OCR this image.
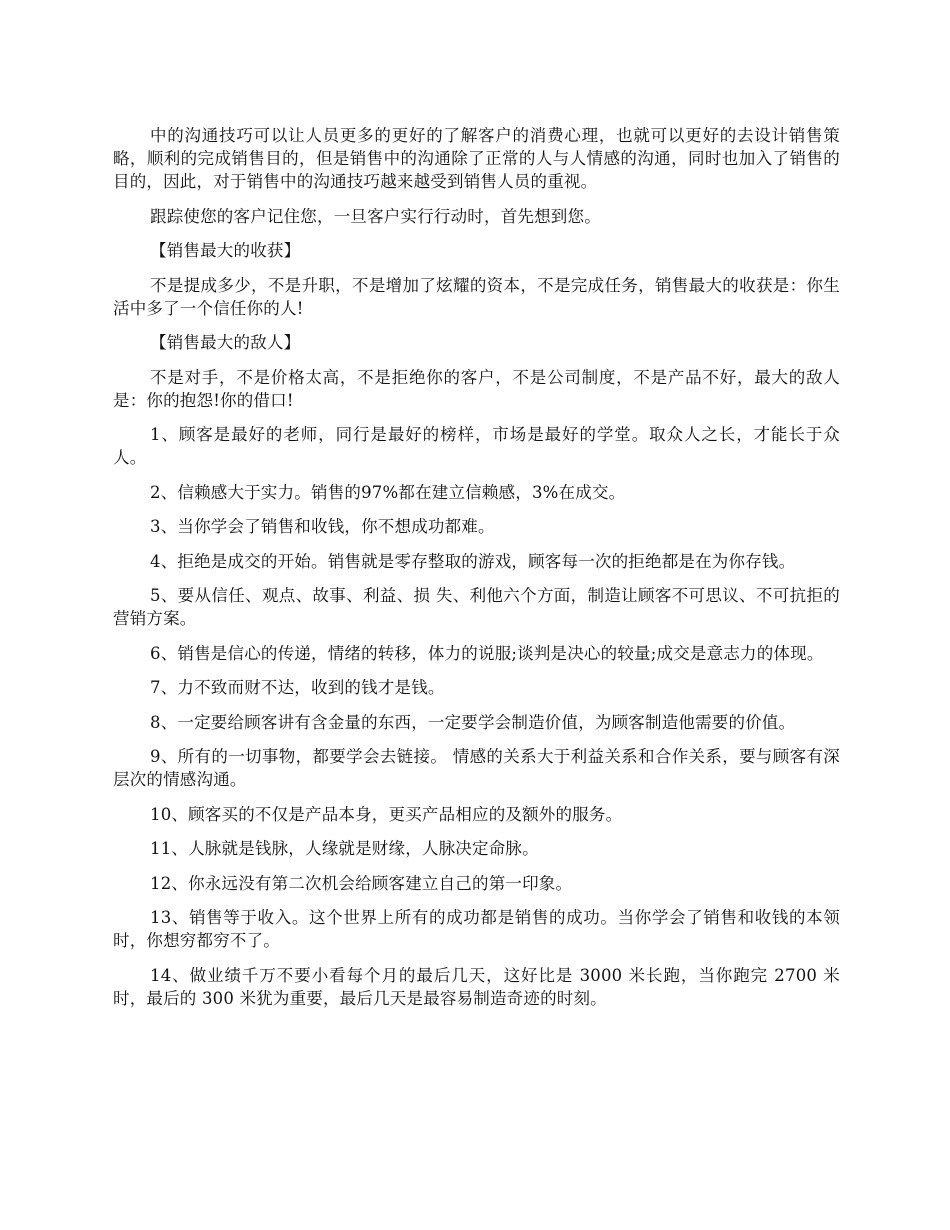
中的沟通技巧可以让人员更多的更好的了解客户的消费心理，也就可以更好的去设计销售策略，顺利的完成销售目的，但是销售中的沟通除了正常的人与人情感的沟通，同时也加入了销售的目的，因此，对于销售中的沟通技巧越来越受到销售人员的重视。

跟踪使您的客户记住您，一旦客户实行行动时，首先想到您。

【销售最大的收获】

不是提成多少，不是升职，不是增加了炫耀的资本，不是完成任务，销售最大的收获是：你生活中多了一个信任你的人!

【销售最大的敌人】

不是对手，不是价格太高，不是拒绝你的客户，不是公司制度，不是产品不好，最大的敌人是：你的抱怨!你的借口!

1、顾客是最好的老师，同行是最好的榜样，市场是最好的学堂。取众人之长，才能长于众人。

2、信赖感大于实力。销售的97%都在建立信赖感，3%在成交。

3、当你学会了销售和收钱，你不想成功都难。

4、拒绝是成交的开始。销售就是零存整取的游戏，顾客每一次的拒绝都是在为你存钱。

5、要从信任、观点、故事、利益、损 失、利他六个方面，制造让顾客不可思议、不可抗拒的营销方案。

6、销售是信心的传递，情绪的转移，体力的说服;谈判是决心的较量;成交是意志力的体现。

7、力不致而财不达，收到的钱才是钱。

8、一定要给顾客讲有含金量的东西，一定要学会制造价值，为顾客制造他需要的价值。

9、所有的一切事物，都要学会去链接。 情感的关系大于利益关系和合作关系，要与顾客有深层次的情感沟通。

10、顾客买的不仅是产品本身，更买产品相应的及额外的服务。

11、人脉就是钱脉，人缘就是财缘，人脉决定命脉。

12、你永远没有第二次机会给顾客建立自己的第一印象。

13、销售等于收入。这个世界上所有的成功都是销售的成功。当你学会了销售和收钱的本领时，你想穷都穷不了。

14、做业绩千万不要小看每个月的最后几天，这好比是 3000 米长跑，当你跑完 2700 米时，最后的 300 米犹为重要，最后几天是最容易制造奇迹的时刻。
